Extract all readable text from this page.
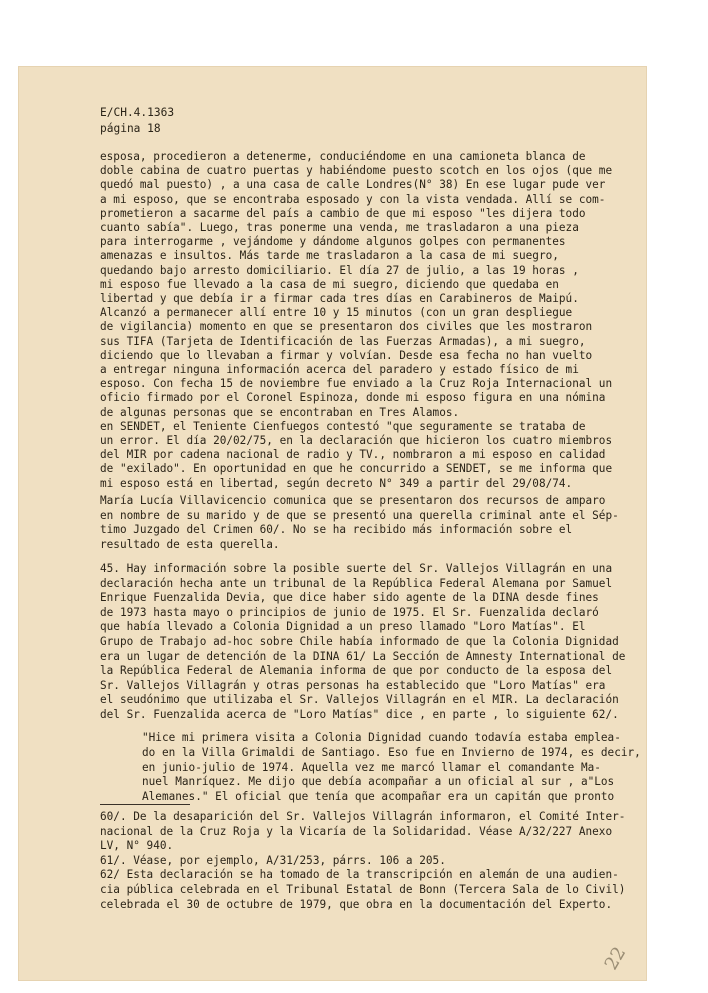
E/CH.4.1363
página 18
esposa, procedieron a detenerme, conduciéndome en una camioneta blanca de
doble cabina de cuatro puertas y habiéndome puesto scotch en los ojos (que me
quedó mal puesto) , a una casa de calle Londres(N° 38) En ese lugar pude ver
a mi esposo, que se encontraba esposado y con la vista vendada. Allí se com-
prometieron a sacarme del país a cambio de que mi esposo "les dijera todo
cuanto sabía". Luego, tras ponerme una venda, me trasladaron a una pieza
para interrogarme , vejándome y dándome algunos golpes con permanentes
amenazas e insultos. Más tarde me trasladaron a la casa de mi suegro,
quedando bajo arresto domiciliario. El día 27 de julio, a las 19 horas ,
mi esposo fue llevado a la casa de mi suegro, diciendo que quedaba en
libertad y que debía ir a firmar cada tres días en Carabineros de Maipú.
Alcanzó a permanecer allí entre 10 y 15 minutos (con un gran despliegue
de vigilancia) momento en que se presentaron dos civiles que les mostraron
sus TIFA (Tarjeta de Identificación de las Fuerzas Armadas), a mi suegro,
diciendo que lo llevaban a firmar y volvían. Desde esa fecha no han vuelto
a entregar ninguna información acerca del paradero y estado físico de mi
esposo. Con fecha 15 de noviembre fue enviado a la Cruz Roja Internacional un
oficio firmado por el Coronel Espinoza, donde mi esposo figura en una nómina
de algunas personas que se encontraban en Tres Alamos.
en SENDET, el Teniente Cienfuegos contestó "que seguramente se trataba de
un error. El día 20/02/75, en la declaración que hicieron los cuatro miembros
del MIR por cadena nacional de radio y TV., nombraron a mi esposo en calidad
de "exilado". En oportunidad en que he concurrido a SENDET, se me informa que
mi esposo está en libertad, según decreto N° 349 a partir del 29/08/74.
María Lucía Villavicencio comunica que se presentaron dos recursos de amparo
en nombre de su marido y de que se presentó una querella criminal ante el Sép-
timo Juzgado del Crimen 60/. No se ha recibido más información sobre el
resultado de esta querella.
45. Hay información sobre la posible suerte del Sr. Vallejos Villagrán en una
declaración hecha ante un tribunal de la República Federal Alemana por Samuel
Enrique Fuenzalida Devia, que dice haber sido agente de la DINA desde fines
de 1973 hasta mayo o principios de junio de 1975. El Sr. Fuenzalida declaró
que había llevado a Colonia Dignidad a un preso llamado "Loro Matías". El
Grupo de Trabajo ad-hoc sobre Chile había informado de que la Colonia Dignidad
era un lugar de detención de la DINA 61/ La Sección de Amnesty International de
la República Federal de Alemania informa de que por conducto de la esposa del
Sr. Vallejos Villagrán y otras personas ha establecido que "Loro Matías" era
el seudónimo que utilizaba el Sr. Vallejos Villagrán en el MIR. La declaración
del Sr. Fuenzalida acerca de "Loro Matías" dice , en parte , lo siguiente 62/.
"Hice mi primera visita a Colonia Dignidad cuando todavía estaba emplea-
do en la Villa Grimaldi de Santiago. Eso fue en Invierno de 1974, es decir,
en junio-julio de 1974. Aquella vez me marcó llamar el comandante Ma-
nuel Manríquez. Me dijo que debía acompañar a un oficial al sur , a"Los
Alemanes." El oficial que tenía que acompañar era un capitán que pronto
60/. De la desaparición del Sr. Vallejos Villagrán informaron, el Comité Inter-
nacional de la Cruz Roja y la Vicaría de la Solidaridad. Véase A/32/227 Anexo
LV, N° 940.
61/. Véase, por ejemplo, A/31/253, párrs. 106 a 205.
62/ Esta declaración se ha tomado de la transcripción en alemán de una audien-
cia pública celebrada en el Tribunal Estatal de Bonn (Tercera Sala de lo Civil)
celebrada el 30 de octubre de 1979, que obra en la documentación del Experto.
22
